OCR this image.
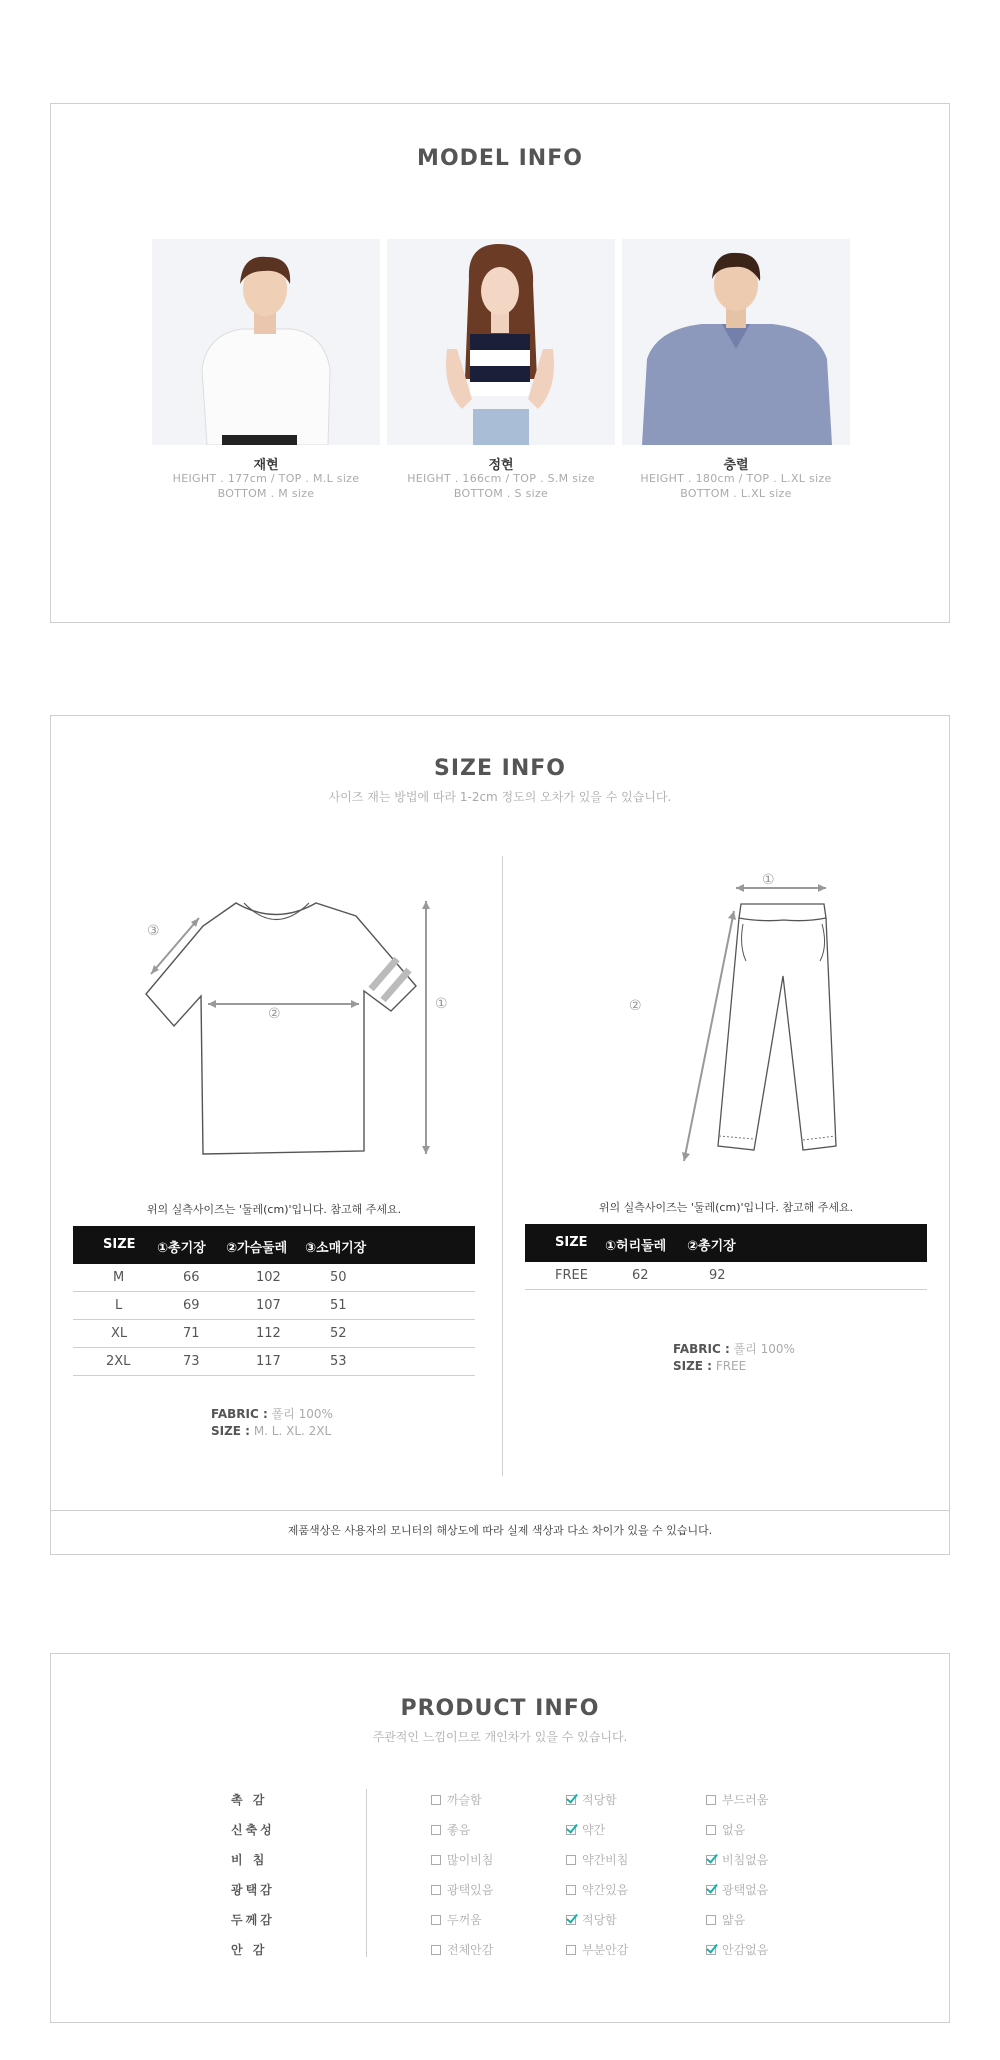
MODEL INFO
재현
HEIGHT . 177cm / TOP . M.L size
BOTTOM . M size
정현
HEIGHT . 166cm / TOP . S.M size
BOTTOM . S size
충렬
HEIGHT . 180cm / TOP . L.XL size
BOTTOM . L.XL size
SIZE INFO
사이즈 재는 방법에 따라 1-2cm 정도의 오차가 있을 수 있습니다.
②
①
③
①
②
위의 실측사이즈는 '둘레(cm)'입니다. 참고해 주세요.
SIZE ①총기장 ②가슴둘레 ③소매기장
M	66	102	50
L	69	107	51
XL	71	112	52
2XL	73	117	53
FABRIC : 폴리 100%
SIZE : M. L. XL. 2XL
위의 실측사이즈는 '둘레(cm)'입니다. 참고해 주세요.
SIZE ①허리둘레 ②총기장
FREE	62	92
FABRIC : 폴리 100%
SIZE : FREE
제품색상은 사용자의 모니터의 해상도에 따라 실제 색상과 다소 차이가 있을 수 있습니다.
PRODUCT INFO
주관적인 느낌이므로 개인차가 있을 수 있습니다.
촉 감	까슬함	적당함	부드러움
신축성	좋음	약간	없음
비 침	많이비침	약간비침	비침없음
광택감	광택있음	약간있음	광택없음
두께감	두꺼움	적당함	얇음
안 감	전체안감	부분안감	안감없음
